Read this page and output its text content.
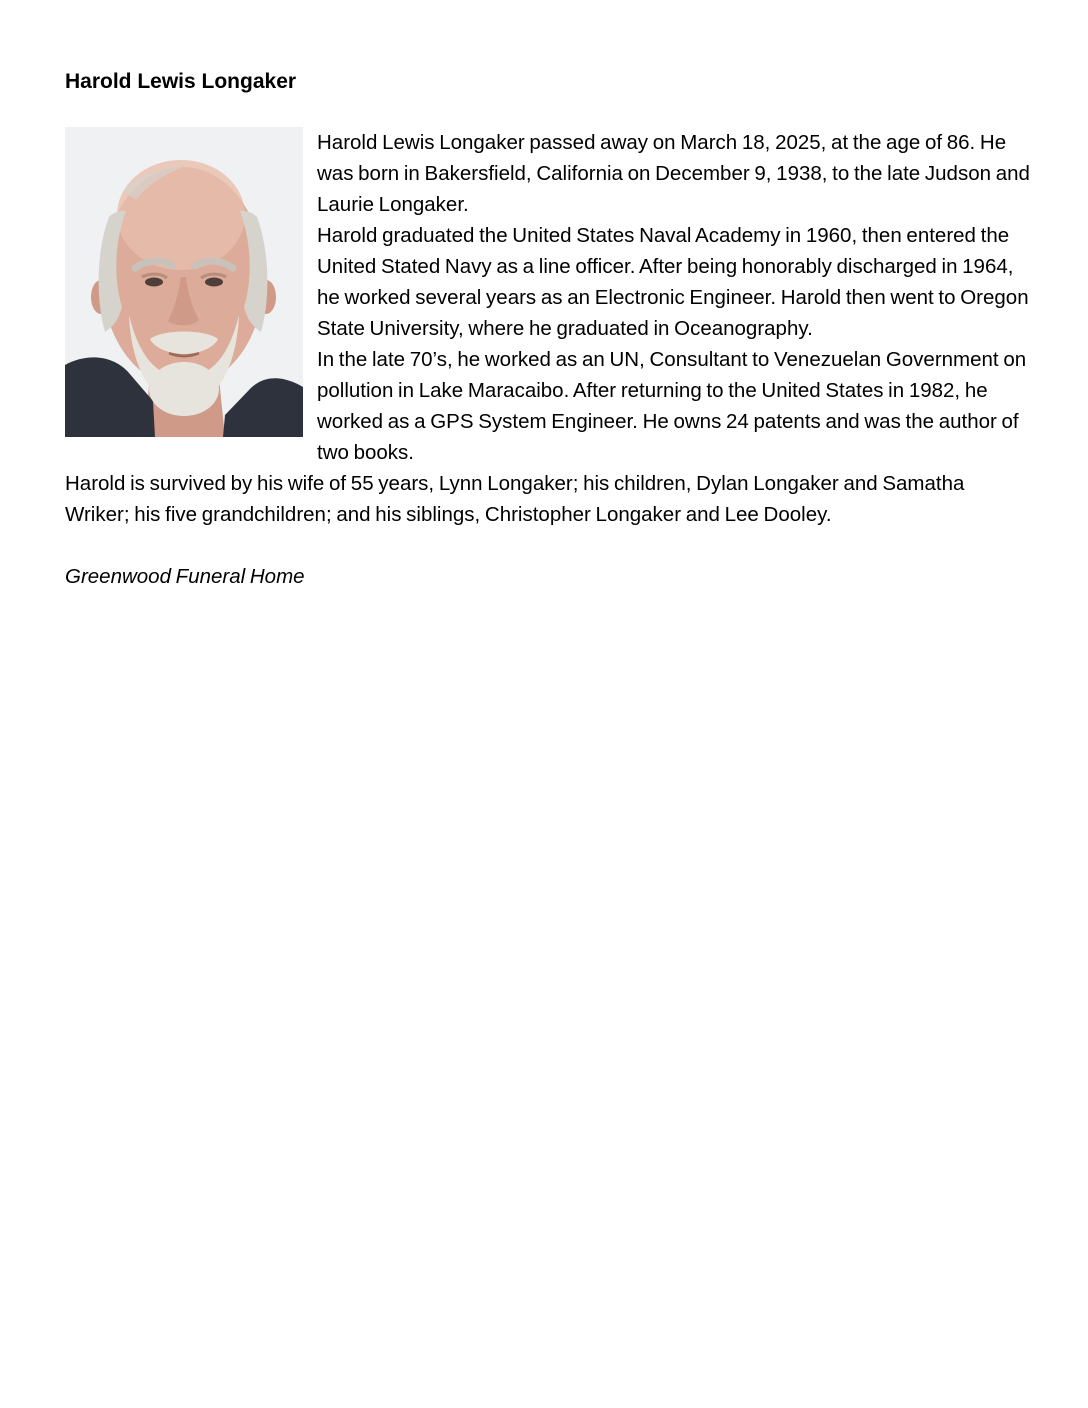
Harold Lewis Longaker

Harold Lewis Longaker passed away on March 18, 2025, at the age of 86. He was born in Bakersfield, California on December 9, 1938, to the late Judson and Laurie Longaker.

Harold graduated the United States Naval Academy in 1960, then entered the United Stated Navy as a line officer. After being honorably discharged in 1964, he worked several years as an Electronic Engineer. Harold then went to Oregon State University, where he graduated in Oceanography.

In the late 70’s, he worked as an UN, Consultant to Venezuelan Government on pollution in Lake Maracaibo. After returning to the United States in 1982, he worked as a GPS System Engineer. He owns 24 patents and was the author of two books.

Harold is survived by his wife of 55 years, Lynn Longaker; his children, Dylan Longaker and Samatha Wriker; his five grandchildren; and his siblings, Christopher Longaker and Lee Dooley.

Greenwood Funeral Home
